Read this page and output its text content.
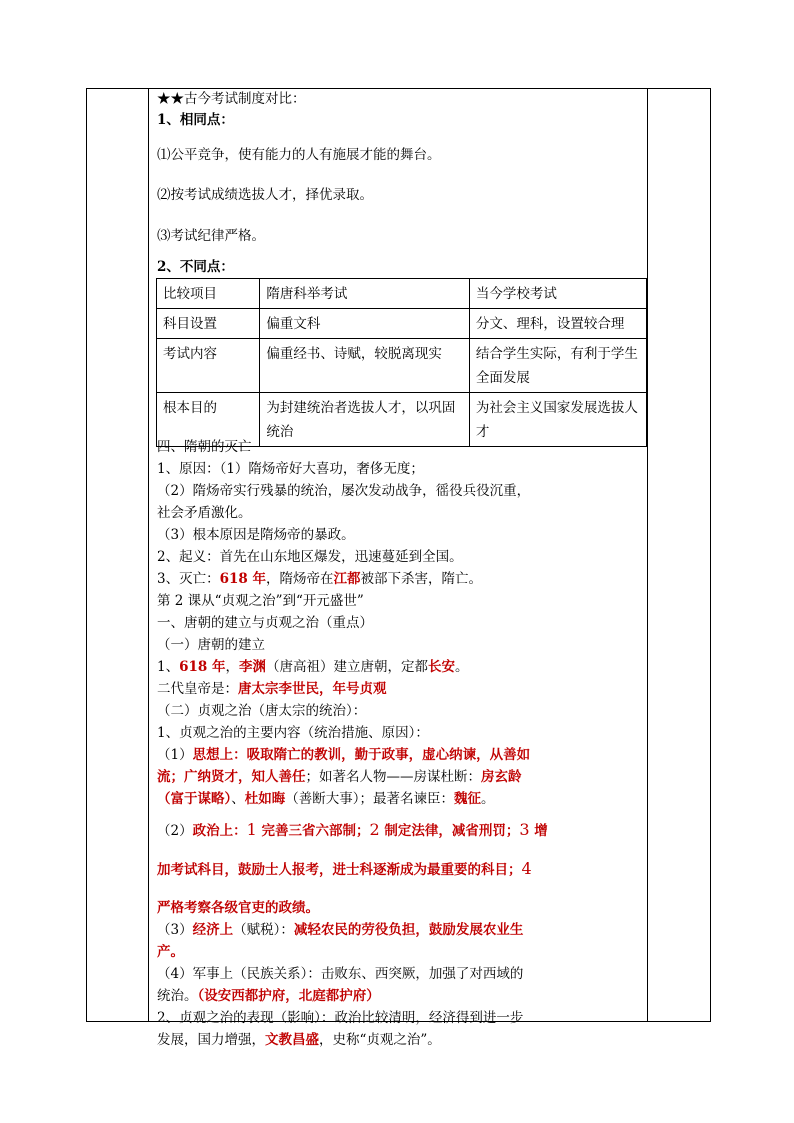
★★古今考试制度对比：
1、相同点：
⑴公平竞争，使有能力的人有施展才能的舞台。
⑵按考试成绩选拔人才，择优录取。
⑶考试纪律严格。
2、不同点：
比较项目	隋唐科举考试	当今学校考试
科目设置	偏重文科	分文、理科，设置较合理
考试内容	偏重经书、诗赋，较脱离现实	结合学生实际，有利于学生全面发展
根本目的	为封建统治者选拔人才，以巩固统治	为社会主义国家发展选拔人才
四、隋朝的灭亡
1、原因：（1）隋炀帝好大喜功，奢侈无度；
（2）隋炀帝实行残暴的统治，屡次发动战争，徭役兵役沉重，
社会矛盾激化。
（3）根本原因是隋炀帝的暴政。
2、起义：首先在山东地区爆发，迅速蔓延到全国。
3、灭亡：618 年，隋炀帝在江都被部下杀害，隋亡。
第 2 课从“贞观之治”到“开元盛世”
一、唐朝的建立与贞观之治（重点）
（一）唐朝的建立
1、618 年，李渊（唐高祖）建立唐朝，定都长安。
二代皇帝是：唐太宗李世民，年号贞观
（二）贞观之治（唐太宗的统治）：
1、贞观之治的主要内容（统治措施、原因）：
（1）思想上：吸取隋亡的教训，勤于政事，虚心纳谏，从善如
流；广纳贤才，知人善任；如著名人物——房谋杜断：房玄龄
（富于谋略）、杜如晦（善断大事）；最著名谏臣：魏征。
（2）政治上：1 完善三省六部制；2 制定法律，减省刑罚；3 增
加考试科目，鼓励士人报考，进士科逐渐成为最重要的科目；4
严格考察各级官吏的政绩。
（3）经济上（赋税）：减轻农民的劳役负担，鼓励发展农业生
产。
（4）军事上（民族关系）：击败东、西突厥，加强了对西域的
统治。（设安西都护府，北庭都护府）
2、贞观之治的表现（影响）：政治比较清明，经济得到进一步
发展，国力增强，文教昌盛，史称“贞观之治”。
